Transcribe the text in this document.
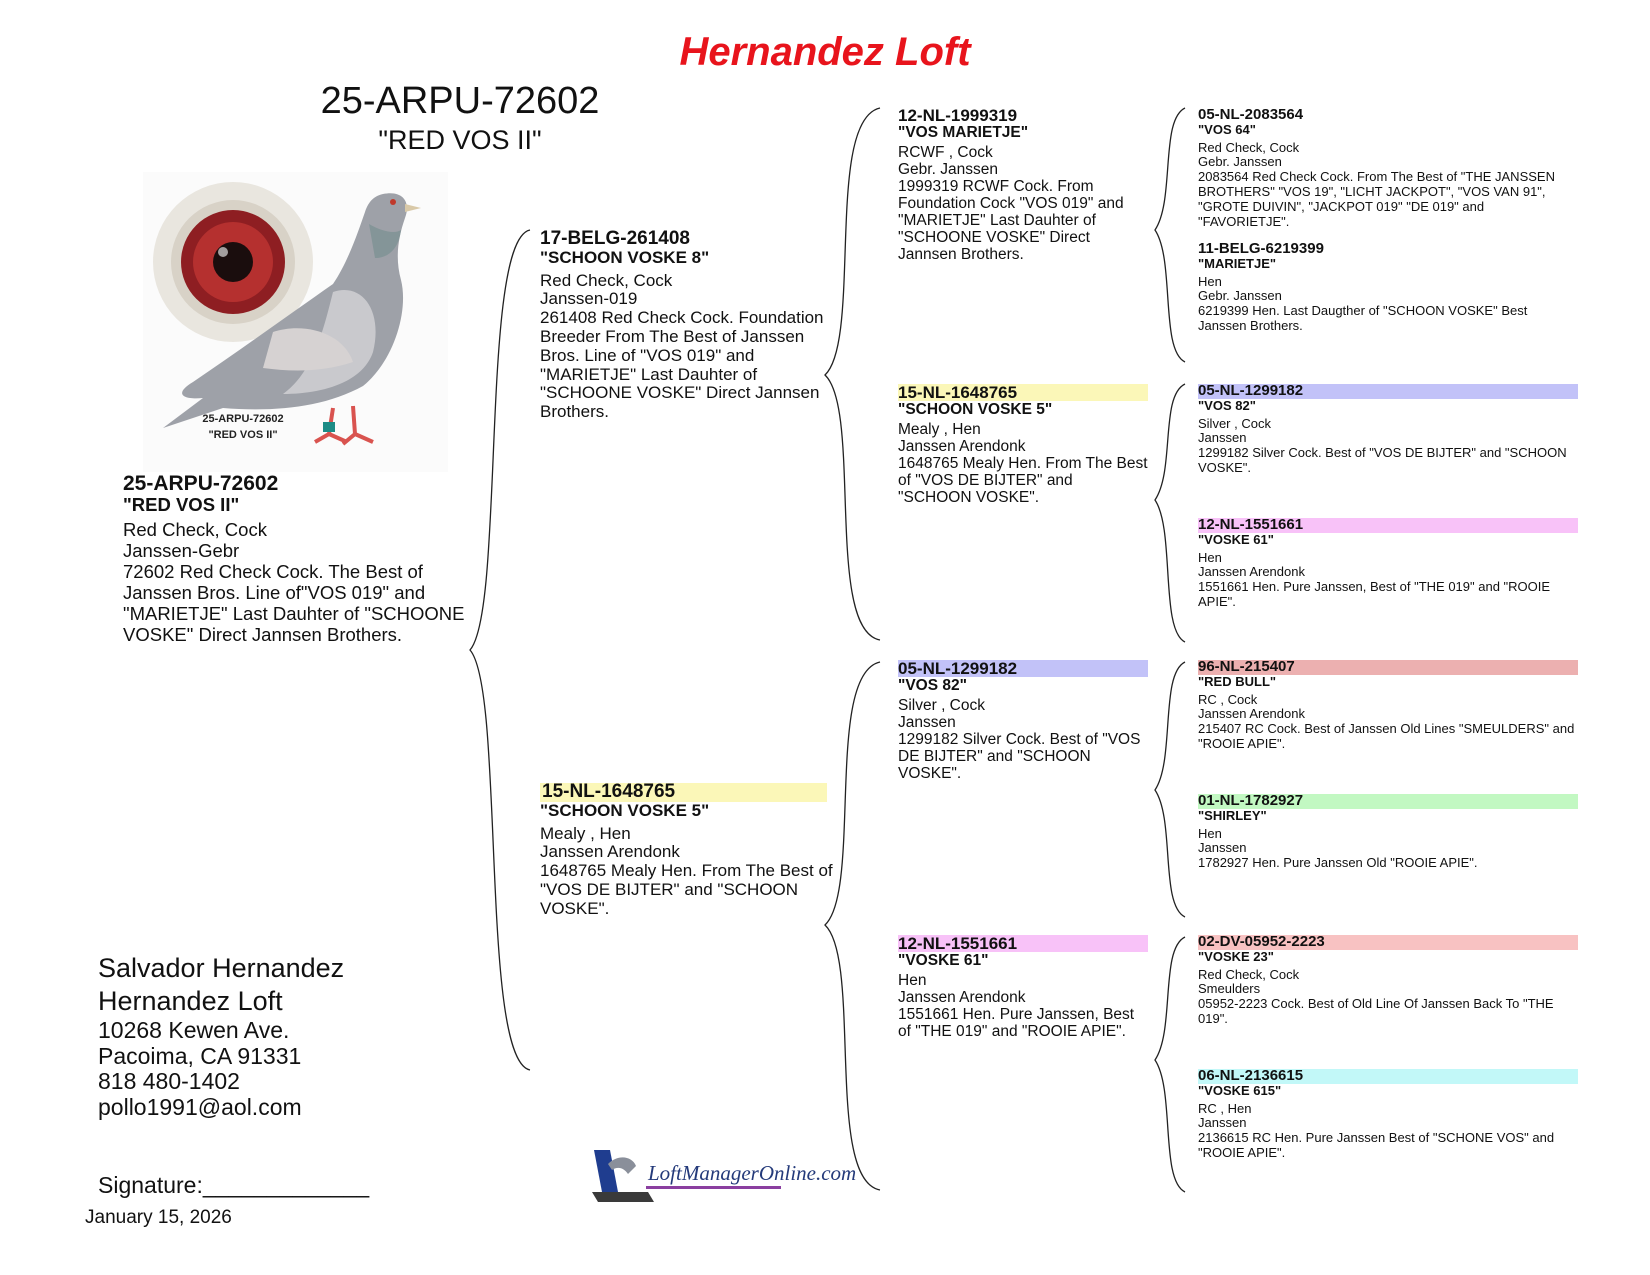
Hernandez Loft
25-ARPU-72602
"RED VOS II"
25-ARPU-72602
"RED VOS II"
25-ARPU-72602
"RED VOS II"
Red Check, Cock
Janssen-Gebr
72602 Red Check Cock. The Best of Janssen Bros. Line of"VOS 019" and "MARIETJE" Last Dauhter of "SCHOONE VOSKE" Direct Jannsen Brothers.
17-BELG-261408
"SCHOON VOSKE 8"
Red Check, Cock
Janssen-019
261408 Red Check Cock. Foundation Breeder From The Best of Janssen Bros. Line of "VOS 019" and "MARIETJE" Last Dauhter of "SCHOONE VOSKE" Direct Jannsen Brothers.
15-NL-1648765
"SCHOON VOSKE 5"
Mealy , Hen
Janssen Arendonk
1648765 Mealy Hen. From The Best of "VOS DE BIJTER" and "SCHOON VOSKE".
12-NL-1999319
"VOS MARIETJE"
RCWF , Cock
Gebr. Janssen
1999319 RCWF Cock. From Foundation Cock "VOS 019" and "MARIETJE" Last Dauhter of "SCHOONE VOSKE" Direct Jannsen Brothers.
15-NL-1648765
"SCHOON VOSKE 5"
Mealy , Hen
Janssen Arendonk
1648765 Mealy Hen. From The Best of "VOS DE BIJTER" and "SCHOON VOSKE".
05-NL-1299182
"VOS 82"
Silver , Cock
Janssen
1299182 Silver Cock. Best of "VOS DE BIJTER" and "SCHOON VOSKE".
12-NL-1551661
"VOSKE 61"
Hen
Janssen Arendonk
1551661 Hen. Pure Janssen, Best of "THE 019" and "ROOIE APIE".
05-NL-2083564
"VOS 64"
Red Check, Cock
Gebr. Janssen
2083564 Red Check Cock. From The Best of "THE JANSSEN BROTHERS" "VOS 19", "LICHT JACKPOT", "VOS VAN 91", "GROTE DUIVIN", "JACKPOT 019" "DE 019" and "FAVORIETJE".
11-BELG-6219399
"MARIETJE"
Hen
Gebr. Janssen
6219399 Hen. Last Daugther of "SCHOON VOSKE" Best Janssen Brothers.
05-NL-1299182
"VOS 82"
Silver , Cock
Janssen
1299182 Silver Cock. Best of "VOS DE BIJTER" and "SCHOON VOSKE".
12-NL-1551661
"VOSKE 61"
Hen
Janssen Arendonk
1551661 Hen. Pure Janssen, Best of "THE 019" and "ROOIE APIE".
96-NL-215407
"RED BULL"
RC , Cock
Janssen Arendonk
215407 RC Cock. Best of Janssen Old Lines "SMEULDERS" and "ROOIE APIE".
01-NL-1782927
"SHIRLEY"
Hen
Janssen
1782927 Hen. Pure Janssen Old "ROOIE APIE".
02-DV-05952-2223
"VOSKE 23"
Red Check, Cock
Smeulders
05952-2223 Cock. Best of Old Line Of Janssen Back To "THE 019".
06-NL-2136615
"VOSKE 615"
RC , Hen
Janssen
2136615 RC Hen. Pure Janssen Best of "SCHONE VOS" and "ROOIE APIE".
Salvador Hernandez
Hernandez Loft
10268 Kewen Ave.
Pacoima, CA 91331
818 480-1402
pollo1991@aol.com
Signature:_____________
January 15, 2026
LoftManagerOnline.com
